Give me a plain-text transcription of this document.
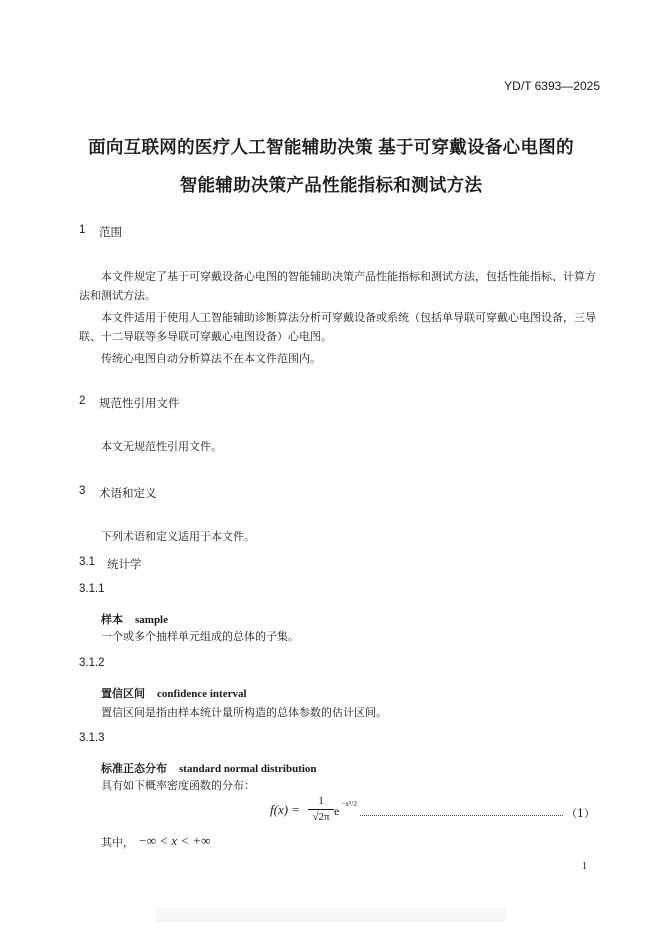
YD/T 6393—2025
面向互联网的医疗人工智能辅助决策 基于可穿戴设备心电图的
智能辅助决策产品性能指标和测试方法
1 范围
本文件规定了基于可穿戴设备心电图的智能辅助决策产品性能指标和测试方法，包括性能指标、计算方法和测试方法。
本文件适用于使用人工智能辅助诊断算法分析可穿戴设备或系统（包括单导联可穿戴心电图设备，三导联、十二导联等多导联可穿戴心电图设备）心电图。
传统心电图自动分析算法不在本文件范围内。
2 规范性引用文件
本文无规范性引用文件。
3 术语和定义
下列术语和定义适用于本文件。
3.1 统计学
3.1.1
样本 sample
一个或多个抽样单元组成的总体的子集。
3.1.2
置信区间 confidence interval
置信区间是指由样本统计量所构造的总体参数的估计区间。
3.1.3
标准正态分布 standard normal distribution
具有如下概率密度函数的分布：
f(x) =
1
√2π e
−x²/2
（1）
其中， −∞ < x < +∞
1
